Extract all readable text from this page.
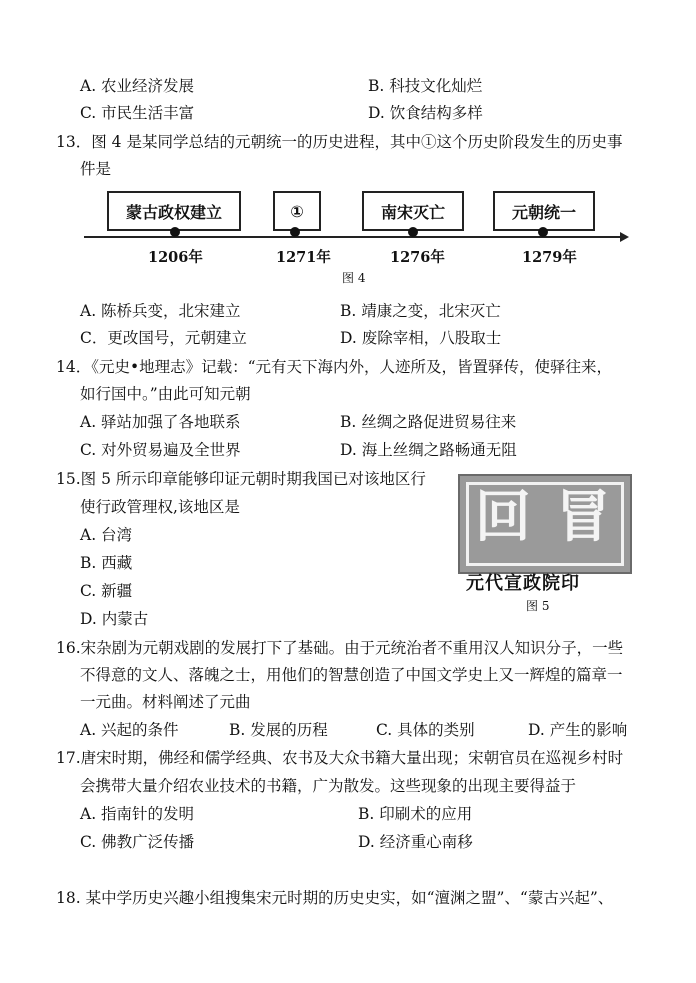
A. 农业经济发展	B. 科技文化灿烂
C. 市民生活丰富	D. 饮食结构多样
13．图 4 是某同学总结的元朝统一的历史进程，其中①这个历史阶段发生的历史事
件是
蒙古政权建立	①	南宋灭亡	元朝统一
1206年	1271年	1276年	1279年
图 4
A. 陈桥兵变，北宋建立	B. 靖康之变，北宋灭亡
C．更改国号，元朝建立	D. 废除宰相，八股取士
14．《元史•地理志》记载：“元有天下海内外，人迹所及，皆置驿传，使驿往来，
如行国中。”由此可知元朝
A. 驿站加强了各地联系	B. 丝绸之路促进贸易往来
C. 对外贸易遍及全世界	D. 海上丝绸之路畅通无阻
15.图 5 所示印章能够印证元朝时期我国已对该地区行
使行政管理权,该地区是
A. 台湾
B. 西藏
C. 新疆
D. 内蒙古
回 冒
元代宣政院印
图 5
16.宋杂剧为元朝戏剧的发展打下了基础。由于元统治者不重用汉人知识分子，一些
不得意的文人、落魄之士，用他们的智慧创造了中国文学史上又一辉煌的篇章一
一元曲。材料阐述了元曲
A. 兴起的条件	B. 发展的历程	C. 具体的类别	D. 产生的影响
17.唐宋时期，佛经和儒学经典、农书及大众书籍大量出现；宋朝官员在巡视乡村时
会携带大量介绍农业技术的书籍，广为散发。这些现象的出现主要得益于
A. 指南针的发明	B. 印刷术的应用
C. 佛教广泛传播	D. 经济重心南移
18. 某中学历史兴趣小组搜集宋元时期的历史史实，如“澶渊之盟”、“蒙古兴起”、
